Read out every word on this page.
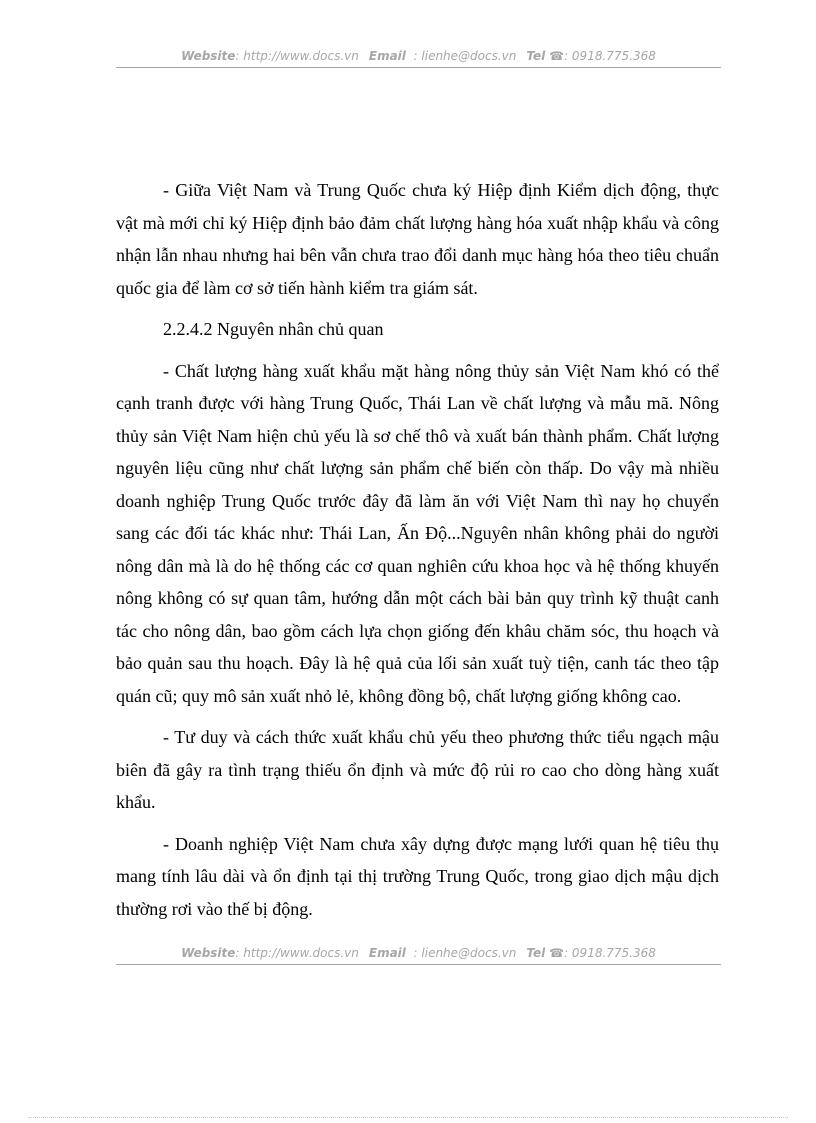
Website: http://www.docs.vn Email : lienhe@docs.vn Tel ☎: 0918.775.368

- Giữa Việt Nam và Trung Quốc chưa ký Hiệp định Kiểm dịch động, thực vật mà mới chỉ ký Hiệp định bảo đảm chất lượng hàng hóa xuất nhập khẩu và công nhận lẫn nhau nhưng hai bên vẫn chưa trao đổi danh mục hàng hóa theo tiêu chuẩn quốc gia để làm cơ sở tiến hành kiểm tra giám sát.

2.2.4.2 Nguyên nhân chủ quan

- Chất lượng hàng xuất khẩu mặt hàng nông thủy sản Việt Nam khó có thể cạnh tranh được với hàng Trung Quốc, Thái Lan về chất lượng và mẫu mã. Nông thủy sản Việt Nam hiện chủ yếu là sơ chế thô và xuất bán thành phẩm. Chất lượng nguyên liệu cũng như chất lượng sản phẩm chế biến còn thấp. Do vậy mà nhiều doanh nghiệp Trung Quốc trước đây đã làm ăn với Việt Nam thì nay họ chuyển sang các đối tác khác như: Thái Lan, Ấn Độ...Nguyên nhân không phải do người nông dân mà là do hệ thống các cơ quan nghiên cứu khoa học và hệ thống khuyến nông không có sự quan tâm, hướng dẫn một cách bài bản quy trình kỹ thuật canh tác cho nông dân, bao gồm cách lựa chọn giống đến khâu chăm sóc, thu hoạch và bảo quản sau thu hoạch. Đây là hệ quả của lối sản xuất tuỳ tiện, canh tác theo tập quán cũ; quy mô sản xuất nhỏ lẻ, không đồng bộ, chất lượng giống không cao.

- Tư duy và cách thức xuất khẩu chủ yếu theo phương thức tiểu ngạch mậu biên đã gây ra tình trạng thiếu ổn định và mức độ rủi ro cao cho dòng hàng xuất khẩu.

- Doanh nghiệp Việt Nam chưa xây dựng được mạng lưới quan hệ tiêu thụ mang tính lâu dài và ổn định tại thị trường Trung Quốc, trong giao dịch mậu dịch thường rơi vào thế bị động.

Website: http://www.docs.vn Email : lienhe@docs.vn Tel ☎: 0918.775.368
